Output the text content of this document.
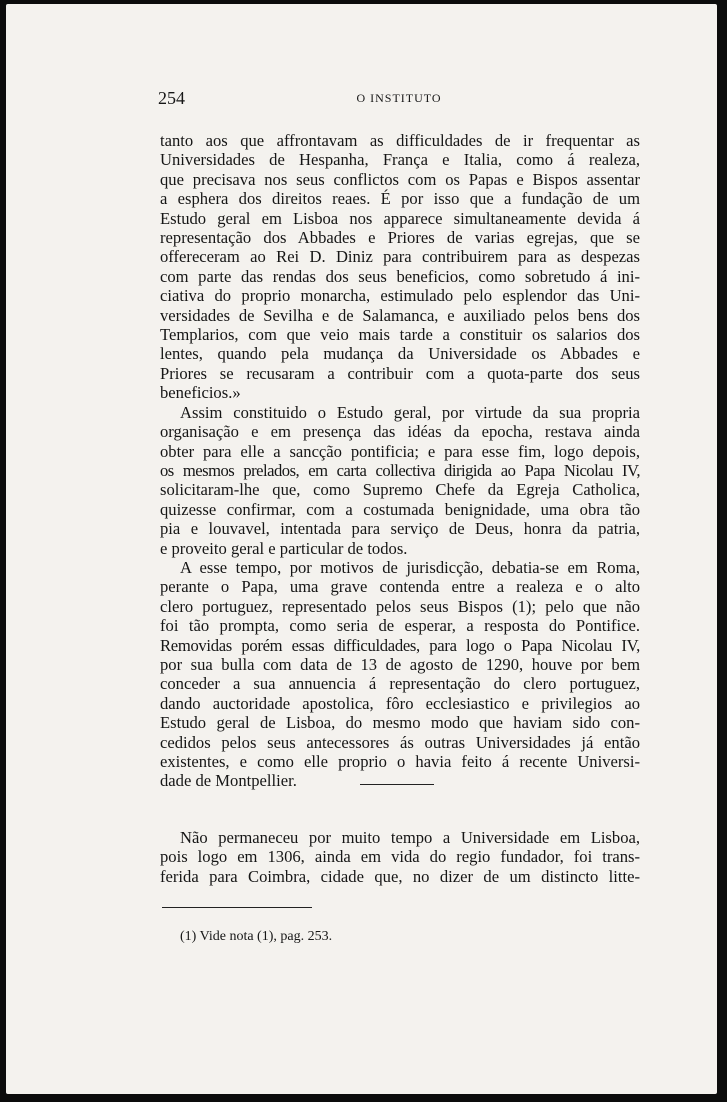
254	O INSTITUTO
tanto aos que affrontavam as difficuldades de ir frequentar as
Universidades de Hespanha, França e Italia, como á realeza,
que precisava nos seus conflictos com os Papas e Bispos assentar
a esphera dos direitos reaes. É por isso que a fundação de um
Estudo geral em Lisboa nos apparece simultaneamente devida á
representação dos Abbades e Priores de varias egrejas, que se
offereceram ao Rei D. Diniz para contribuirem para as despezas
com parte das rendas dos seus beneficios, como sobretudo á ini-
ciativa do proprio monarcha, estimulado pelo esplendor das Uni-
versidades de Sevilha e de Salamanca, e auxiliado pelos bens dos
Templarios, com que veio mais tarde a constituir os salarios dos
lentes, quando pela mudança da Universidade os Abbades e
Priores se recusaram a contribuir com a quota-parte dos seus
beneficios.»
Assim constituido o Estudo geral, por virtude da sua propria
organisação e em presença das idéas da epocha, restava ainda
obter para elle a sancção pontificia; e para esse fim, logo depois,
os mesmos prelados, em carta collectiva dirigida ao Papa Nicolau IV,
solicitaram-lhe que, como Supremo Chefe da Egreja Catholica,
quizesse confirmar, com a costumada benignidade, uma obra tão
pia e louvavel, intentada para serviço de Deus, honra da patria,
e proveito geral e particular de todos.
A esse tempo, por motivos de jurisdicção, debatia-se em Roma,
perante o Papa, uma grave contenda entre a realeza e o alto
clero portuguez, representado pelos seus Bispos (1); pelo que não
foi tão prompta, como seria de esperar, a resposta do Pontifice.
Removidas porém essas difficuldades, para logo o Papa Nicolau IV,
por sua bulla com data de 13 de agosto de 1290, houve por bem
conceder a sua annuencia á representação do clero portuguez,
dando auctoridade apostolica, fôro ecclesiastico e privilegios ao
Estudo geral de Lisboa, do mesmo modo que haviam sido con-
cedidos pelos seus antecessores ás outras Universidades já então
existentes, e como elle proprio o havia feito á recente Universi-
dade de Montpellier.
Não permaneceu por muito tempo a Universidade em Lisboa,
pois logo em 1306, ainda em vida do regio fundador, foi trans-
ferida para Coimbra, cidade que, no dizer de um distincto litte-
(1) Vide nota (1), pag. 253.
